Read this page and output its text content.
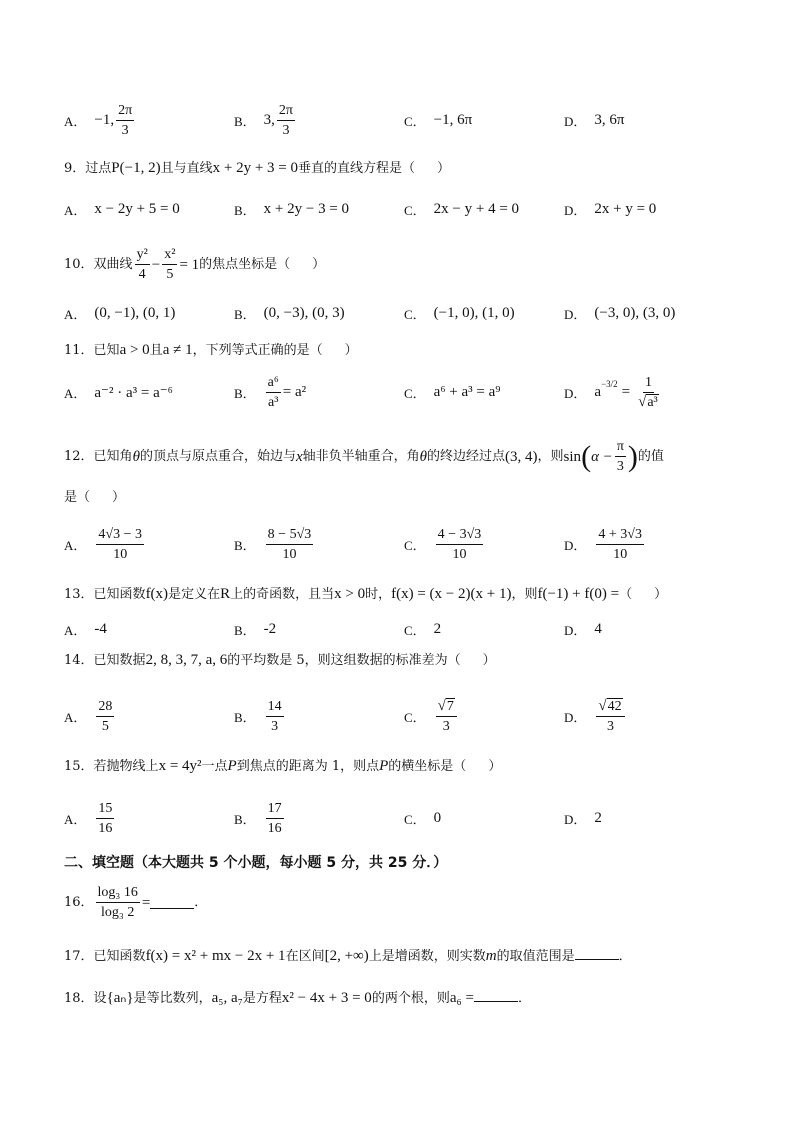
A． −1, $\frac{2\pi}{3}$	B． 3, $\frac{2\pi}{3}$	C． −1, 6π	D． 3, 6π
9．过点P(−1, 2)且与直线x + 2y + 3 = 0垂直的直线方程是（ ）
A． x − 2y + 5 = 0	B． x + 2y − 3 = 0	C． 2x − y + 4 = 0	D． 2x + y = 0
10． 双曲线 $\frac{\text{y²}}{4} - \frac{\text{x²}}{5} = 1$ 的焦点坐标是（ ）
A． (0, −1), (0, 1)	B． (0, −3), (0, 3)	C． (−1, 0), (1, 0)	D． (−3, 0), (3, 0)
11．已知a > 0且a ≠ 1，下列等式正确的是（ ）
A． a⁻² · a³ = a⁻⁶	B． $\frac{\text{a⁶}}{\text{a³}} = a^2$	C． a⁶ + a³ = a⁹	D． $a^{-3/2} = \frac{1}{\text{√ a³}}$
12． 已知角 θ 的顶点与原点重合，始边与 x 轴非负半轴重合，角 θ 的终边经过点 (3, 4) ，则 sin ( $\alpha - \frac{\pi}{3}$ ) 的值
是（ ）
A． $\frac{4√3 - 3}{10}$	B． $\frac{8 - 5√3}{10}$	C． $\frac{4 - 3√3}{10}$	D． $\frac{4 + 3√3}{10}$
13．已知函数f(x)是定义在R上的奇函数，且当x > 0时，f(x) = (x − 2)(x + 1)，则f(−1) + f(0) =（ ）
A． -4	B． -2	C． 2	D． 4
14．已知数据2, 8, 3, 7, a, 6的平均数是 5，则这组数据的标准差为（ ）
A． $\frac{28}{5}$	B． $\frac{14}{3}$	C． $\frac{√ 7}{3}$	D． $\frac{√ 42}{3}$
15．若抛物线上x = 4y²一点P到焦点的距离为 1，则点P的横坐标是（ ）
A． $\frac{15}{16}$	B． $\frac{17}{16}$	C． 0	D． 2
二、填空题（本大题共 5 个小题，每小题 5 分，共 25 分．）
16． $\frac{\text{log₃ 16}}{\text{log₃ 2}}$ =	．
17．已知函数f(x) = x² + mx − 2x + 1在区间[2, +∞)上是增函数，则实数m的取值范围是	．
18．设{aₙ}是等比数列，a₅, a₇是方程x² − 4x + 3 = 0的两个根，则a₆ =	．
